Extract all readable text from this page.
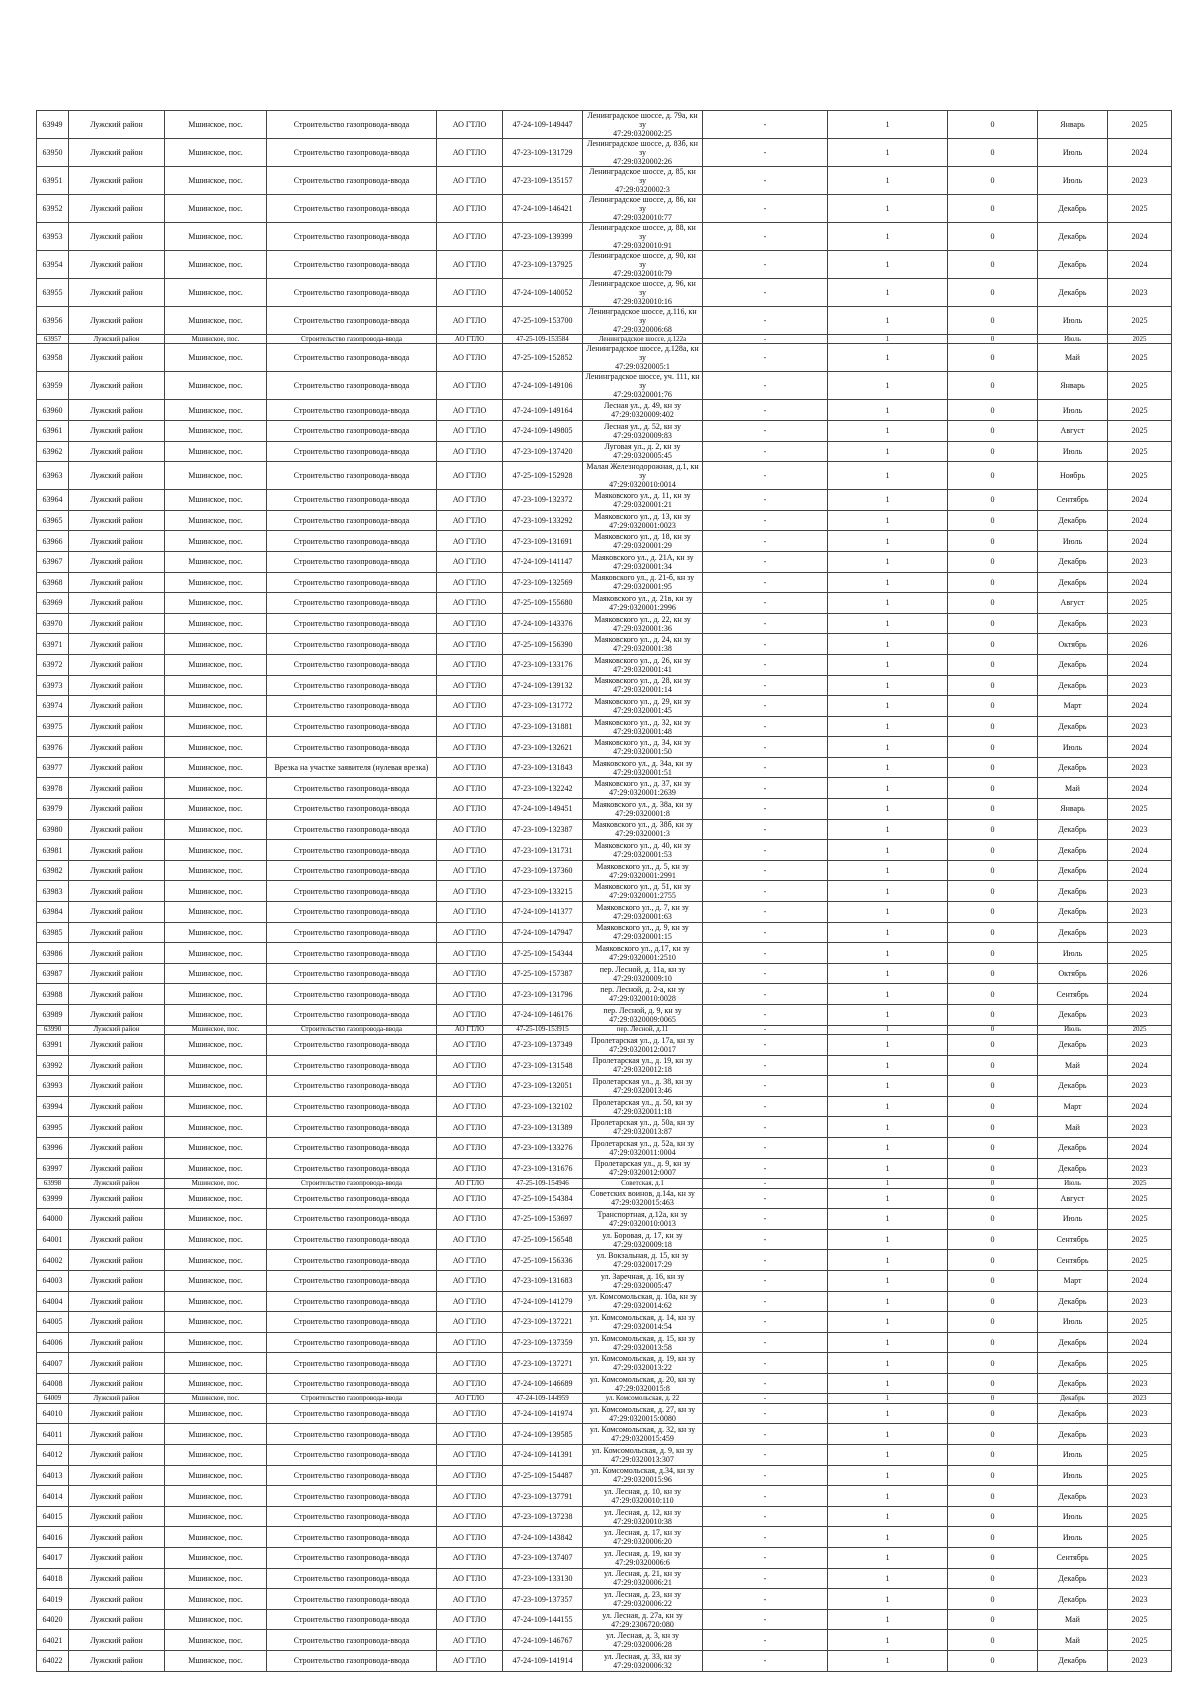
63949	Лужский район	Мшинское, пос.	Строительство газопровода-ввода	АО ГТЛО	47-24-109-149447	Ленинградское шоссе, д. 79а, кн зу
47:29:0320002:25	-	1	0	Январь	2025
63950	Лужский район	Мшинское, пос.	Строительство газопровода-ввода	АО ГТЛО	47-23-109-131729	Ленинградское шоссе, д. 83б, кн зу
47:29:0320002:26	-	1	0	Июль	2024
63951	Лужский район	Мшинское, пос.	Строительство газопровода-ввода	АО ГТЛО	47-23-109-135157	Ленинградское шоссе, д. 85, кн зу
47:29:0320002:3	-	1	0	Июль	2023
63952	Лужский район	Мшинское, пос.	Строительство газопровода-ввода	АО ГТЛО	47-24-109-146421	Ленинградское шоссе, д. 86, кн зу
47:29:0320010:77	-	1	0	Декабрь	2025
63953	Лужский район	Мшинское, пос.	Строительство газопровода-ввода	АО ГТЛО	47-23-109-139399	Ленинградское шоссе, д. 88, кн зу
47:29:0320010:91	-	1	0	Декабрь	2024
63954	Лужский район	Мшинское, пос.	Строительство газопровода-ввода	АО ГТЛО	47-23-109-137925	Ленинградское шоссе, д. 90, кн зу
47:29:0320010:79	-	1	0	Декабрь	2024
63955	Лужский район	Мшинское, пос.	Строительство газопровода-ввода	АО ГТЛО	47-24-109-140052	Ленинградское шоссе, д. 96, кн зу
47:29:0320010:16	-	1	0	Декабрь	2023
63956	Лужский район	Мшинское, пос.	Строительство газопровода-ввода	АО ГТЛО	47-25-109-153700	Ленинградское шоссе, д.116, кн зу
47:29:0320006:68	-	1	0	Июль	2025
63957	Лужский район	Мшинское, пос.	Строительство газопровода-ввода	АО ГТЛО	47-25-109-153584	Ленинградское шоссе, д.122а	-	1	0	Июль	2025
63958	Лужский район	Мшинское, пос.	Строительство газопровода-ввода	АО ГТЛО	47-25-109-152852	Ленинградское шоссе, д.128а, кн зу
47:29:0320005:1	-	1	0	Май	2025
63959	Лужский район	Мшинское, пос.	Строительство газопровода-ввода	АО ГТЛО	47-24-109-149106	Ленинградское шоссе, уч. 111, кн зу
47:29:0320001:76	-	1	0	Январь	2025
63960	Лужский район	Мшинское, пос.	Строительство газопровода-ввода	АО ГТЛО	47-24-109-149164	Лесная ул., д. 49, кн зу
47:29:0320009:402	-	1	0	Июль	2025
63961	Лужский район	Мшинское, пос.	Строительство газопровода-ввода	АО ГТЛО	47-24-109-149805	Лесная ул., д. 52, кн зу
47:29:0320009:83	-	1	0	Август	2025
63962	Лужский район	Мшинское, пос.	Строительство газопровода-ввода	АО ГТЛО	47-23-109-137420	Луговая ул., д. 2, кн зу
47:29:0320005:45	-	1	0	Июль	2025
63963	Лужский район	Мшинское, пос.	Строительство газопровода-ввода	АО ГТЛО	47-25-109-152928	Малая Железнодорожная, д.1, кн зу
47:29:0320010:0014	-	1	0	Ноябрь	2025
63964	Лужский район	Мшинское, пос.	Строительство газопровода-ввода	АО ГТЛО	47-23-109-132372	Маяковского ул., д. 11, кн зу
47:29:0320001:21	-	1	0	Сентябрь	2024
63965	Лужский район	Мшинское, пос.	Строительство газопровода-ввода	АО ГТЛО	47-23-109-133292	Маяковского ул., д. 13, кн зу
47:29:0320001:0023	-	1	0	Декабрь	2024
63966	Лужский район	Мшинское, пос.	Строительство газопровода-ввода	АО ГТЛО	47-23-109-131691	Маяковского ул., д. 18, кн зу
47:29:0320001:29	-	1	0	Июль	2024
63967	Лужский район	Мшинское, пос.	Строительство газопровода-ввода	АО ГТЛО	47-24-109-141147	Маяковского ул., д. 21А, кн зу
47:29:0320001:34	-	1	0	Декабрь	2023
63968	Лужский район	Мшинское, пос.	Строительство газопровода-ввода	АО ГТЛО	47-23-109-132569	Маяковского ул., д. 21-б, кн зу
47:29:0320001:95	-	1	0	Декабрь	2024
63969	Лужский район	Мшинское, пос.	Строительство газопровода-ввода	АО ГТЛО	47-25-109-155680	Маяковского ул., д. 21в, кн зу
47:29:0320001:2996	-	1	0	Август	2025
63970	Лужский район	Мшинское, пос.	Строительство газопровода-ввода	АО ГТЛО	47-24-109-143376	Маяковского ул., д. 22, кн зу
47:29:0320001:36	-	1	0	Декабрь	2023
63971	Лужский район	Мшинское, пос.	Строительство газопровода-ввода	АО ГТЛО	47-25-109-156390	Маяковского ул., д. 24, кн зу
47:29:0320001:38	-	1	0	Октябрь	2026
63972	Лужский район	Мшинское, пос.	Строительство газопровода-ввода	АО ГТЛО	47-23-109-133176	Маяковского ул., д. 26, кн зу
47:29:0320001:41	-	1	0	Декабрь	2024
63973	Лужский район	Мшинское, пос.	Строительство газопровода-ввода	АО ГТЛО	47-24-109-139132	Маяковского ул., д. 28, кн зу
47:29:0320001:14	-	1	0	Декабрь	2023
63974	Лужский район	Мшинское, пос.	Строительство газопровода-ввода	АО ГТЛО	47-23-109-131772	Маяковского ул., д. 29, кн зу
47:29:0320001:45	-	1	0	Март	2024
63975	Лужский район	Мшинское, пос.	Строительство газопровода-ввода	АО ГТЛО	47-23-109-131881	Маяковского ул., д. 32, кн зу
47:29:0320001:48	-	1	0	Декабрь	2023
63976	Лужский район	Мшинское, пос.	Строительство газопровода-ввода	АО ГТЛО	47-23-109-132621	Маяковского ул., д. 34, кн зу
47:29:0320001:50	-	1	0	Июль	2024
63977	Лужский район	Мшинское, пос.	Врезка на участке заявителя (нулевая врезка)	АО ГТЛО	47-23-109-131843	Маяковского ул., д. 34а, кн зу
47:29:0320001:51	-	1	0	Декабрь	2023
63978	Лужский район	Мшинское, пос.	Строительство газопровода-ввода	АО ГТЛО	47-23-109-132242	Маяковского ул., д. 37, кн зу
47:29:0320001:2639	-	1	0	Май	2024
63979	Лужский район	Мшинское, пос.	Строительство газопровода-ввода	АО ГТЛО	47-24-109-149451	Маяковского ул., д. 38а, кн зу
47:29:0320001:8	-	1	0	Январь	2025
63980	Лужский район	Мшинское, пос.	Строительство газопровода-ввода	АО ГТЛО	47-23-109-132387	Маяковского ул., д. 38б, кн зу
47:29:0320001:3	-	1	0	Декабрь	2023
63981	Лужский район	Мшинское, пос.	Строительство газопровода-ввода	АО ГТЛО	47-23-109-131731	Маяковского ул., д. 40, кн зу
47:29:0320001:53	-	1	0	Декабрь	2024
63982	Лужский район	Мшинское, пос.	Строительство газопровода-ввода	АО ГТЛО	47-23-109-137360	Маяковского ул., д. 5, кн зу
47:29:0320001:2991	-	1	0	Декабрь	2024
63983	Лужский район	Мшинское, пос.	Строительство газопровода-ввода	АО ГТЛО	47-23-109-133215	Маяковского ул., д. 51, кн зу
47:29:0320001:2755	-	1	0	Декабрь	2023
63984	Лужский район	Мшинское, пос.	Строительство газопровода-ввода	АО ГТЛО	47-24-109-141377	Маяковского ул., д. 7, кн зу
47:29:0320001:63	-	1	0	Декабрь	2023
63985	Лужский район	Мшинское, пос.	Строительство газопровода-ввода	АО ГТЛО	47-24-109-147947	Маяковского ул., д. 9, кн зу
47:29:0320001:15	-	1	0	Декабрь	2023
63986	Лужский район	Мшинское, пос.	Строительство газопровода-ввода	АО ГТЛО	47-25-109-154344	Маяковского ул., д.17, кн зу
47:29:0320001:2510	-	1	0	Июль	2025
63987	Лужский район	Мшинское, пос.	Строительство газопровода-ввода	АО ГТЛО	47-25-109-157387	пер. Лесной, д. 11а, кн зу
47:29:0320009:10	-	1	0	Октябрь	2026
63988	Лужский район	Мшинское, пос.	Строительство газопровода-ввода	АО ГТЛО	47-23-109-131796	пер. Лесной, д. 2-а, кн зу
47:29:0320010:0028	-	1	0	Сентябрь	2024
63989	Лужский район	Мшинское, пос.	Строительство газопровода-ввода	АО ГТЛО	47-24-109-146176	пер. Лесной, д. 9, кн зу
47:29:0320009:0065	-	1	0	Декабрь	2023
63990	Лужский район	Мшинское, пос.	Строительство газопровода-ввода	АО ГТЛО	47-25-109-153915	пер. Лесной, д.11	-	1	0	Июль	2025
63991	Лужский район	Мшинское, пос.	Строительство газопровода-ввода	АО ГТЛО	47-23-109-137349	Пролетарская ул., д. 17а, кн зу
47:29:0320012:0017	-	1	0	Декабрь	2023
63992	Лужский район	Мшинское, пос.	Строительство газопровода-ввода	АО ГТЛО	47-23-109-131548	Пролетарская ул., д. 19, кн зу
47:29:0320012:18	-	1	0	Май	2024
63993	Лужский район	Мшинское, пос.	Строительство газопровода-ввода	АО ГТЛО	47-23-109-132051	Пролетарская ул., д. 38, кн зу
47:29:0320013:46	-	1	0	Декабрь	2023
63994	Лужский район	Мшинское, пос.	Строительство газопровода-ввода	АО ГТЛО	47-23-109-132102	Пролетарская ул., д. 50, кн зу
47:29:0320011:18	-	1	0	Март	2024
63995	Лужский район	Мшинское, пос.	Строительство газопровода-ввода	АО ГТЛО	47-23-109-131389	Пролетарская ул., д. 50а, кн зу
47:29:0320013:87	-	1	0	Май	2023
63996	Лужский район	Мшинское, пос.	Строительство газопровода-ввода	АО ГТЛО	47-23-109-133276	Пролетарская ул., д. 52а, кн зу
47:29:0320011:0004	-	1	0	Декабрь	2024
63997	Лужский район	Мшинское, пос.	Строительство газопровода-ввода	АО ГТЛО	47-23-109-131676	Пролетарская ул., д. 9, кн зу
47:29:0320012:0007	-	1	0	Декабрь	2023
63998	Лужский район	Мшинское, пос.	Строительство газопровода-ввода	АО ГТЛО	47-25-109-154946	Советская, д.1	-	1	0	Июль	2025
63999	Лужский район	Мшинское, пос.	Строительство газопровода-ввода	АО ГТЛО	47-25-109-154384	Советских воинов, д.14а, кн зу
47:29:0320015:463	-	1	0	Август	2025
64000	Лужский район	Мшинское, пос.	Строительство газопровода-ввода	АО ГТЛО	47-25-109-153697	Транспортная, д.12а, кн зу
47:29:0320010:0013	-	1	0	Июль	2025
64001	Лужский район	Мшинское, пос.	Строительство газопровода-ввода	АО ГТЛО	47-25-109-156548	ул. Боровая, д. 17, кн зу
47:29:0320009:18	-	1	0	Сентябрь	2025
64002	Лужский район	Мшинское, пос.	Строительство газопровода-ввода	АО ГТЛО	47-25-109-156336	ул. Вокзальная, д. 15, кн зу
47:29:0320017:29	-	1	0	Сентябрь	2025
64003	Лужский район	Мшинское, пос.	Строительство газопровода-ввода	АО ГТЛО	47-23-109-131683	ул. Заречная, д. 16, кн зу
47:29:0320005:47	-	1	0	Март	2024
64004	Лужский район	Мшинское, пос.	Строительство газопровода-ввода	АО ГТЛО	47-24-109-141279	ул. Комсомольская, д. 10а, кн зу
47:29:0320014:62	-	1	0	Декабрь	2023
64005	Лужский район	Мшинское, пос.	Строительство газопровода-ввода	АО ГТЛО	47-23-109-137221	ул. Комсомольская, д. 14, кн зу
47:29:0320014:54	-	1	0	Июль	2025
64006	Лужский район	Мшинское, пос.	Строительство газопровода-ввода	АО ГТЛО	47-23-109-137359	ул. Комсомольская, д. 15, кн зу
47:29:0320013:58	-	1	0	Декабрь	2024
64007	Лужский район	Мшинское, пос.	Строительство газопровода-ввода	АО ГТЛО	47-23-109-137271	ул. Комсомольская, д. 19, кн зу
47:29:0320013:22	-	1	0	Декабрь	2025
64008	Лужский район	Мшинское, пос.	Строительство газопровода-ввода	АО ГТЛО	47-24-109-146689	ул. Комсомольская, д. 20, кн зу
47:29:0320015:8	-	1	0	Декабрь	2023
64009	Лужский район	Мшинское, пос.	Строительство газопровода-ввода	АО ГТЛО	47-24-109-144959	ул. Комсомольская, д. 22	-	1	0	Декабрь	2023
64010	Лужский район	Мшинское, пос.	Строительство газопровода-ввода	АО ГТЛО	47-24-109-141974	ул. Комсомольская, д. 27, кн зу
47:29:0320015:0080	-	1	0	Декабрь	2023
64011	Лужский район	Мшинское, пос.	Строительство газопровода-ввода	АО ГТЛО	47-24-109-139585	ул. Комсомольская, д. 32, кн зу
47:29:0320015:459	-	1	0	Декабрь	2023
64012	Лужский район	Мшинское, пос.	Строительство газопровода-ввода	АО ГТЛО	47-24-109-141391	ул. Комсомольская, д. 9, кн зу
47:29:0320013:307	-	1	0	Июль	2025
64013	Лужский район	Мшинское, пос.	Строительство газопровода-ввода	АО ГТЛО	47-25-109-154487	ул. Комсомольская, д.34, кн зу
47:29:0320015:96	-	1	0	Июль	2025
64014	Лужский район	Мшинское, пос.	Строительство газопровода-ввода	АО ГТЛО	47-23-109-137791	ул. Лесная, д. 10, кн зу
47:29:0320010:110	-	1	0	Декабрь	2023
64015	Лужский район	Мшинское, пос.	Строительство газопровода-ввода	АО ГТЛО	47-23-109-137238	ул. Лесная, д. 12, кн зу
47:29:0320010:38	-	1	0	Июль	2025
64016	Лужский район	Мшинское, пос.	Строительство газопровода-ввода	АО ГТЛО	47-24-109-143842	ул. Лесная, д. 17, кн зу
47:29:0320006:20	-	1	0	Июль	2025
64017	Лужский район	Мшинское, пос.	Строительство газопровода-ввода	АО ГТЛО	47-23-109-137407	ул. Лесная, д. 19, кн зу
47:29:0320006:6	-	1	0	Сентябрь	2025
64018	Лужский район	Мшинское, пос.	Строительство газопровода-ввода	АО ГТЛО	47-23-109-133130	ул. Лесная, д. 21, кн зу
47:29:0320006:21	-	1	0	Декабрь	2023
64019	Лужский район	Мшинское, пос.	Строительство газопровода-ввода	АО ГТЛО	47-23-109-137357	ул. Лесная, д. 23, кн зу
47:29:0320006:22	-	1	0	Декабрь	2023
64020	Лужский район	Мшинское, пос.	Строительство газопровода-ввода	АО ГТЛО	47-24-109-144155	ул. Лесная, д. 27а, кн зу
47:29:2306720:080	-	1	0	Май	2025
64021	Лужский район	Мшинское, пос.	Строительство газопровода-ввода	АО ГТЛО	47-24-109-146767	ул. Лесная, д. 3, кн зу
47:29:0320006:28	-	1	0	Май	2025
64022	Лужский район	Мшинское, пос.	Строительство газопровода-ввода	АО ГТЛО	47-24-109-141914	ул. Лесная, д. 33, кн зу
47:29:0320006:32	-	1	0	Декабрь	2023
